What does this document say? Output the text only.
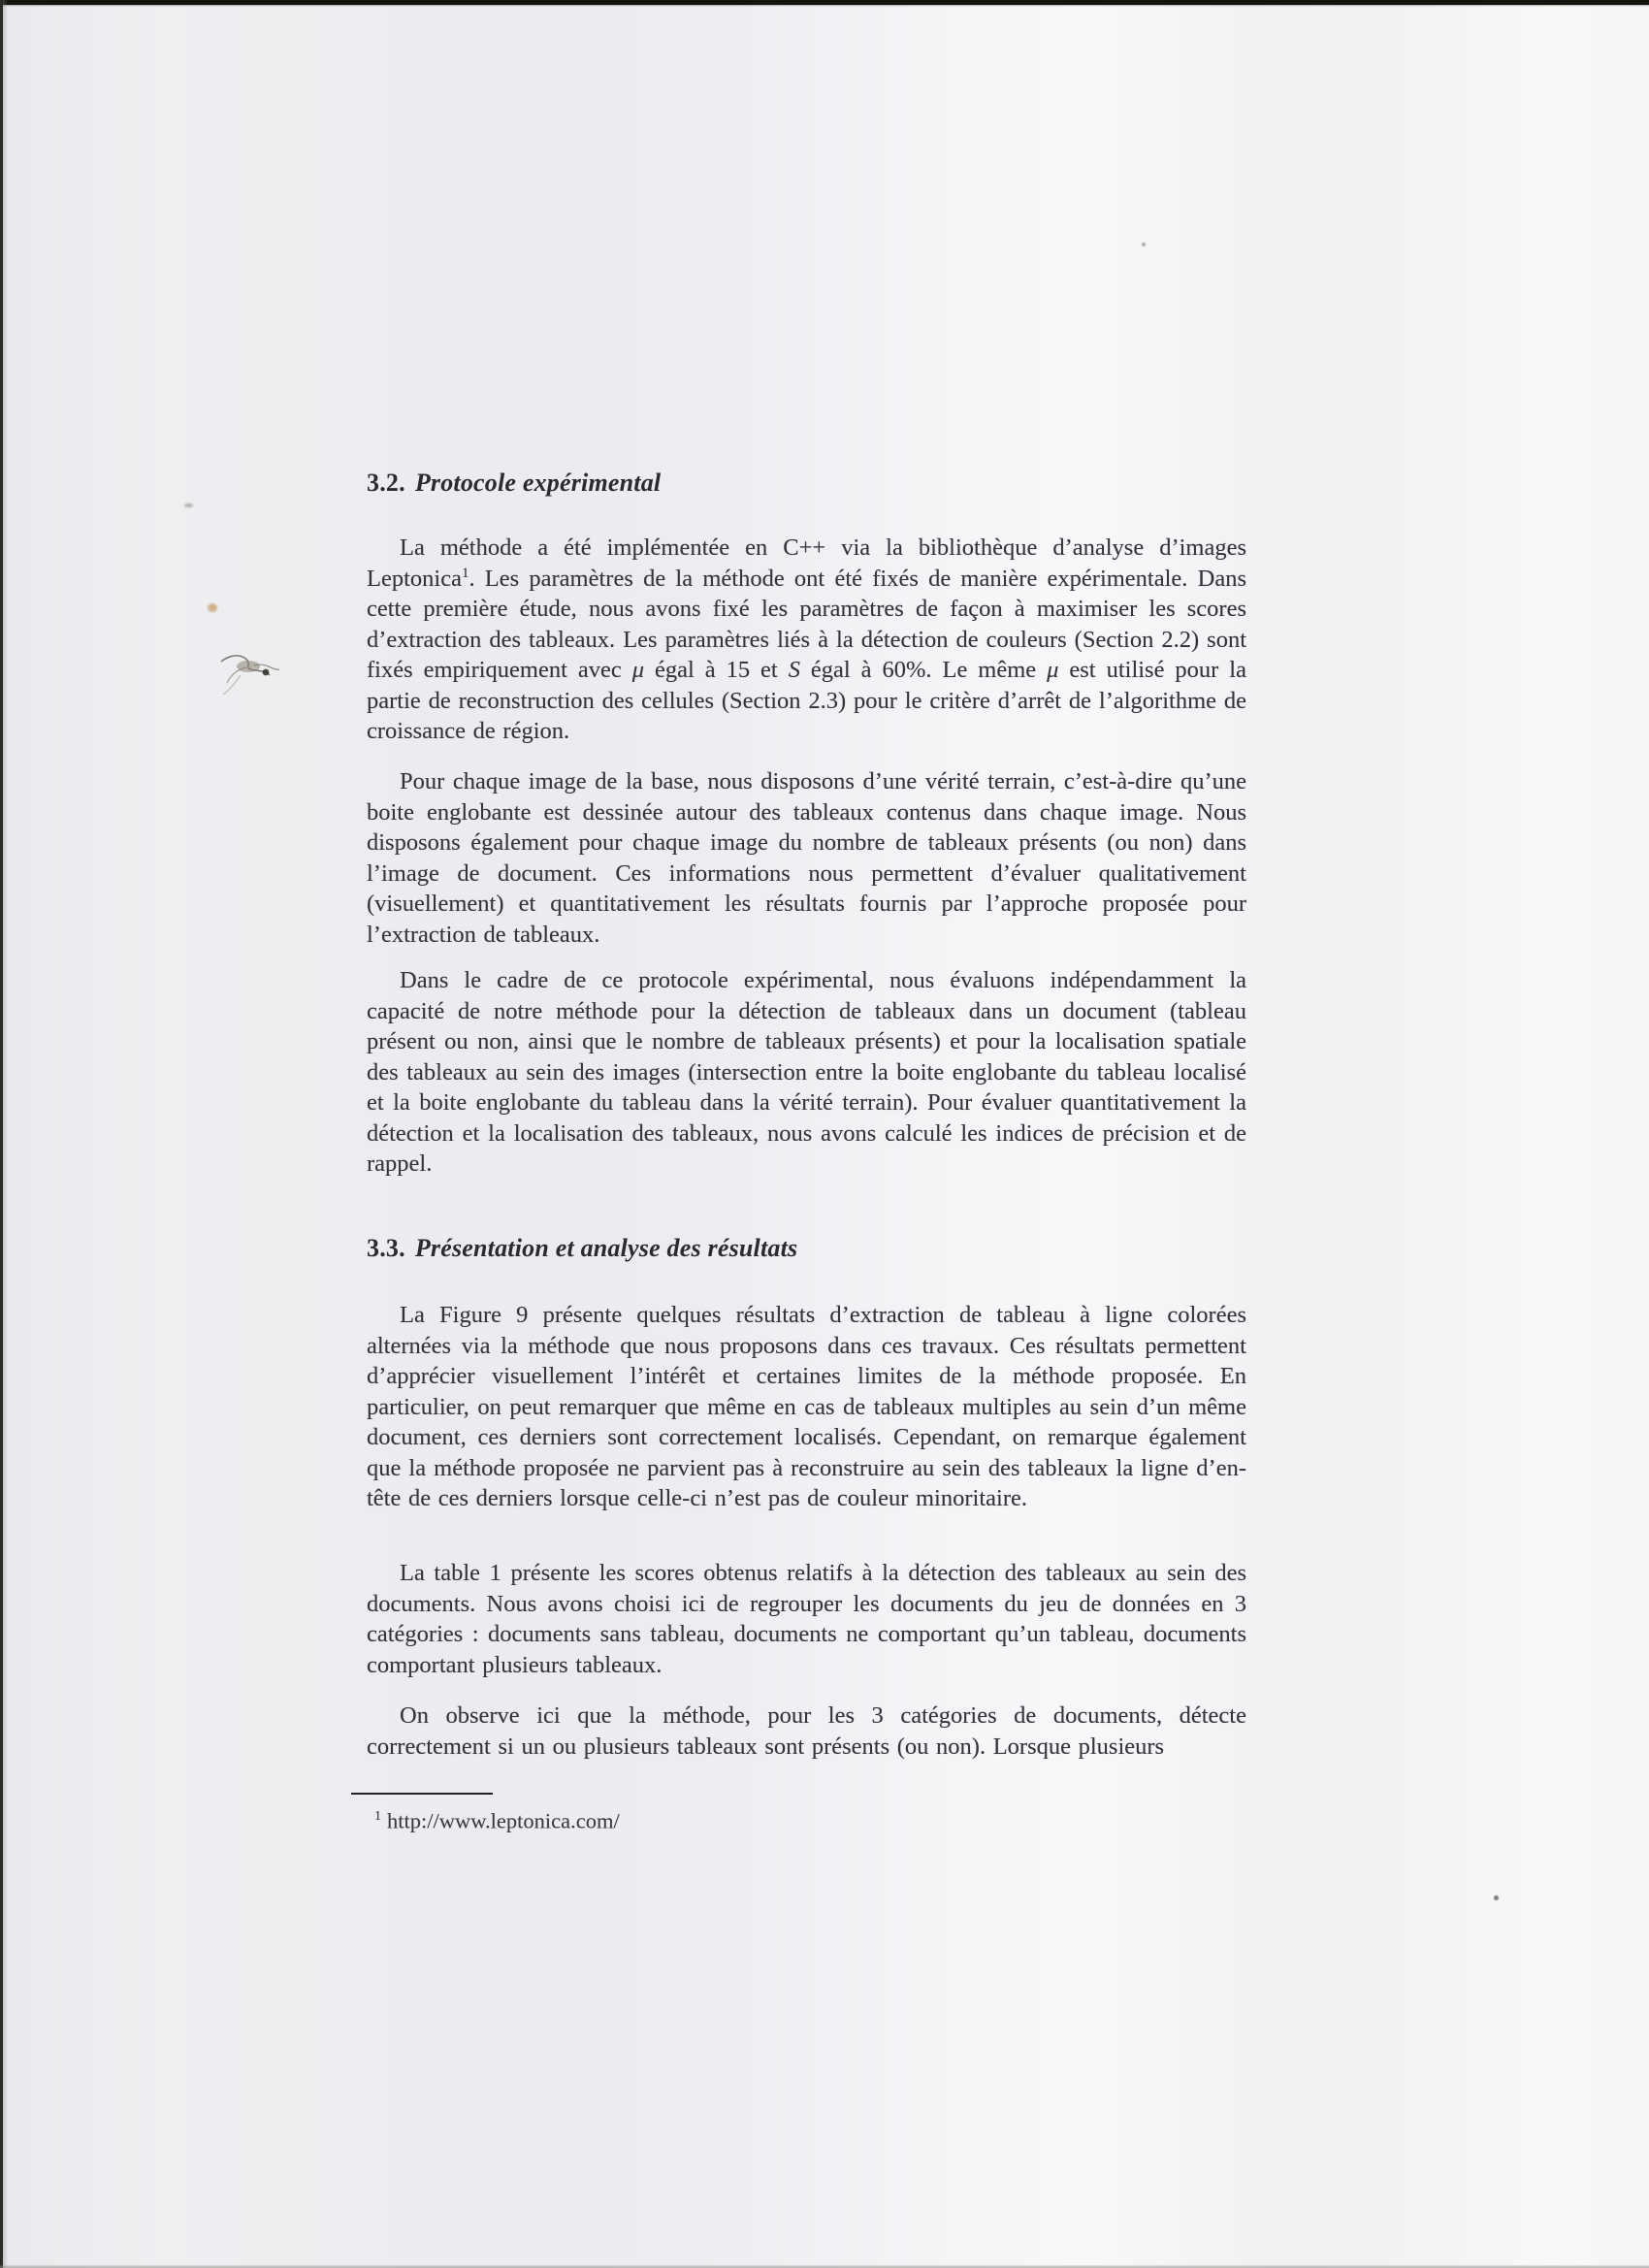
3.2. Protocole expérimental

La méthode a été implémentée en C++ via la bibliothèque d’analyse d’images Leptonica$^1$. Les paramètres de la méthode ont été fixés de manière expérimentale. Dans cette première étude, nous avons fixé les paramètres de façon à maximiser les scores d’extraction des tableaux. Les paramètres liés à la détection de couleurs (Section 2.2) sont fixés empiriquement avec μ égal à 15 et S égal à 60%. Le même μ est utilisé pour la partie de reconstruction des cellules (Section 2.3) pour le critère d’arrêt de l’algorithme de croissance de région.

Pour chaque image de la base, nous disposons d’une vérité terrain, c’est-à-dire qu’une boite englobante est dessinée autour des tableaux contenus dans chaque image. Nous disposons également pour chaque image du nombre de tableaux présents (ou non) dans l’image de document. Ces informations nous permettent d’évaluer qualitativement (visuellement) et quantitativement les résultats fournis par l’approche proposée pour l’extraction de tableaux.

Dans le cadre de ce protocole expérimental, nous évaluons indépendamment la capacité de notre méthode pour la détection de tableaux dans un document (tableau présent ou non, ainsi que le nombre de tableaux présents) et pour la localisation spatiale des tableaux au sein des images (intersection entre la boite englobante du tableau localisé et la boite englobante du tableau dans la vérité terrain). Pour évaluer quantitativement la détection et la localisation des tableaux, nous avons calculé les indices de précision et de rappel.

3.3. Présentation et analyse des résultats

La Figure 9 présente quelques résultats d’extraction de tableau à ligne colorées alternées via la méthode que nous proposons dans ces travaux. Ces résultats permettent d’apprécier visuellement l’intérêt et certaines limites de la méthode proposée. En particulier, on peut remarquer que même en cas de tableaux multiples au sein d’un même document, ces derniers sont correctement localisés. Cependant, on remarque également que la méthode proposée ne parvient pas à reconstruire au sein des tableaux la ligne d’en-tête de ces derniers lorsque celle-ci n’est pas de couleur minoritaire.

La table 1 présente les scores obtenus relatifs à la détection des tableaux au sein des documents. Nous avons choisi ici de regrouper les documents du jeu de données en 3 catégories : documents sans tableau, documents ne comportant qu’un tableau, documents comportant plusieurs tableaux.

On observe ici que la méthode, pour les 3 catégories de documents, détecte correctement si un ou plusieurs tableaux sont présents (ou non). Lorsque plusieurs

$^1$ http://www.leptonica.com/
